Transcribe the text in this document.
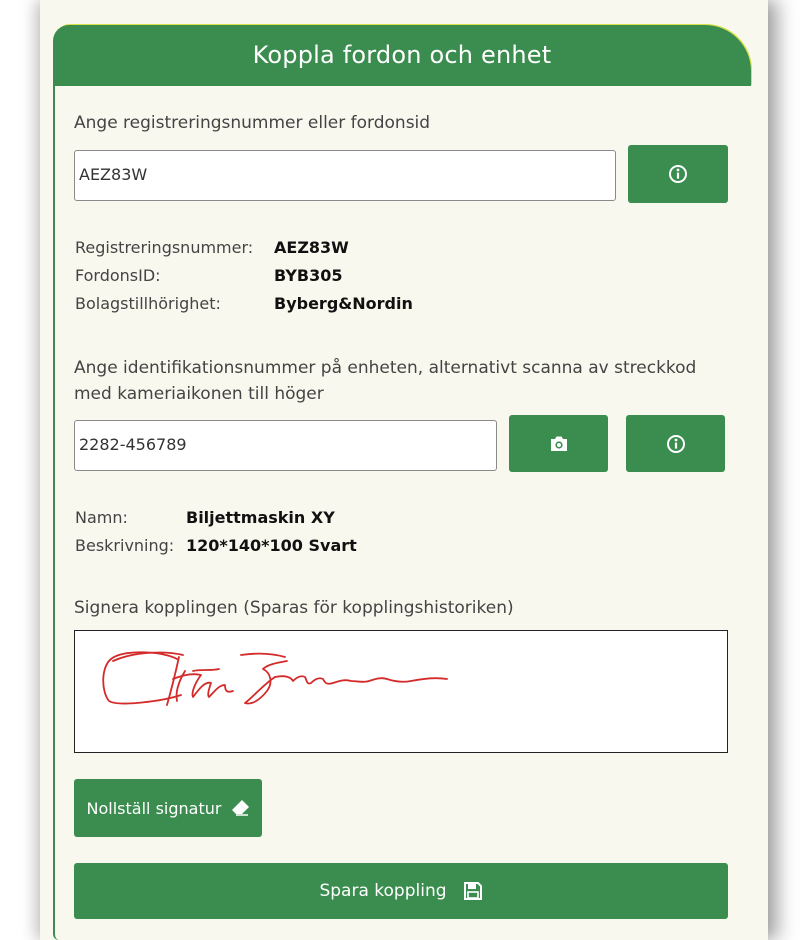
Koppla fordon och enhet
Ange registreringsnummer eller fordonsid
AEZ83W
Registreringsnummer: AEZ83W
FordonsID:	BYB305
Bolagstillhörighet:	Byberg&Nordin
Ange identifikationsnummer på enheten, alternativt scanna av streckkod
med kameriaikonen till höger
2282-456789
Namn:	Biljettmaskin XY
Beskrivning: 120*140*100 Svart
Signera kopplingen (Sparas för kopplingshistoriken)
Nollställ signatur
Spara koppling
